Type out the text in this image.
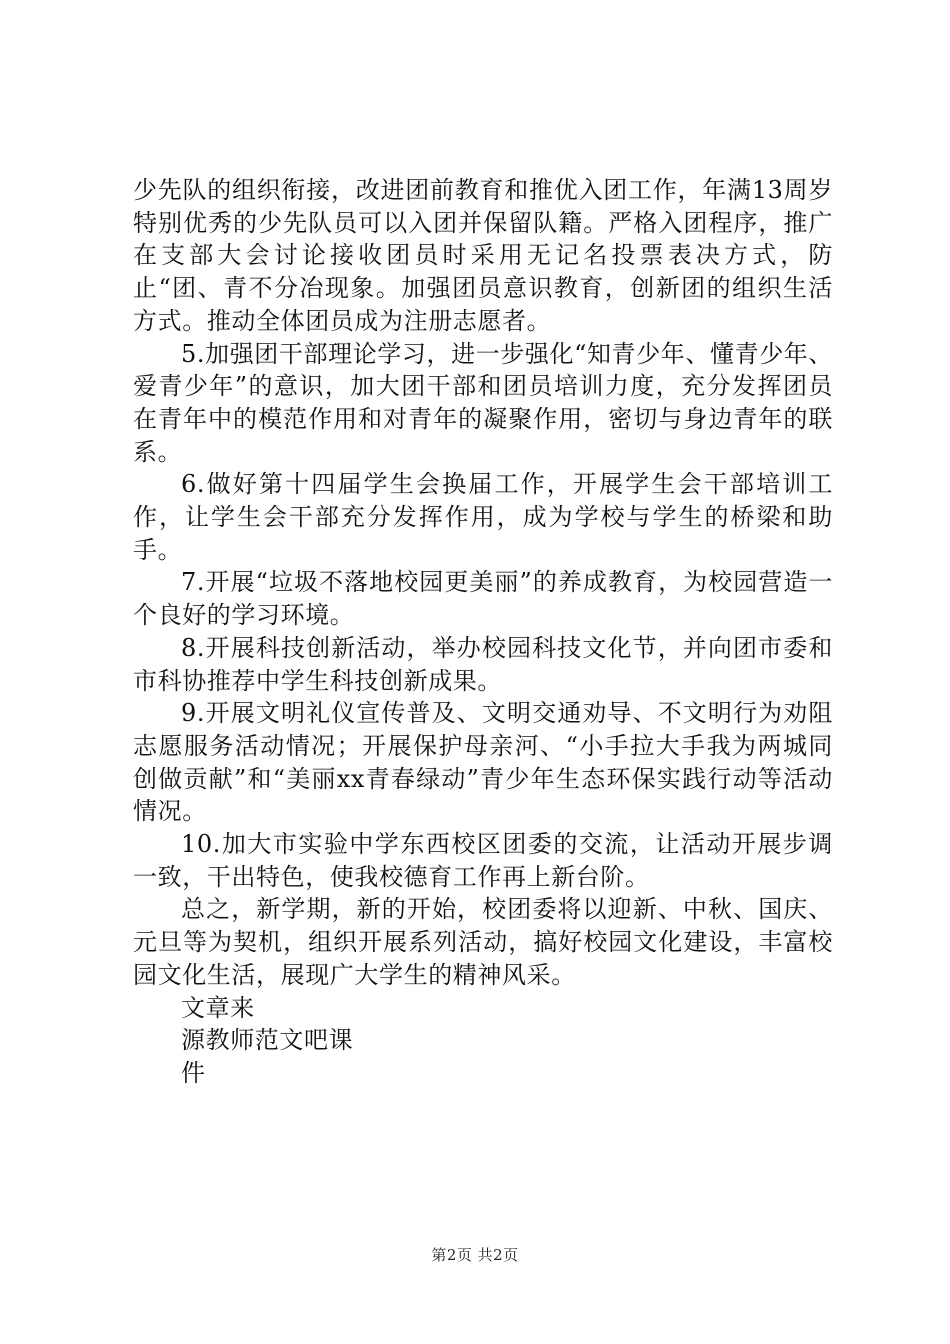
少先队的组织衔接，改进团前教育和推优入团工作，年满13周岁特别优秀的少先队员可以入团并保留队籍。严格入团程序，推广在支部大会讨论接收团员时采用无记名投票表决方式，防止“团、青不分冶现象。加强团员意识教育，创新团的组织生活方式。推动全体团员成为注册志愿者。

5.加强团干部理论学习，进一步强化“知青少年、懂青少年、爱青少年”的意识，加大团干部和团员培训力度，充分发挥团员在青年中的模范作用和对青年的凝聚作用，密切与身边青年的联系。

6.做好第十四届学生会换届工作，开展学生会干部培训工作，让学生会干部充分发挥作用，成为学校与学生的桥梁和助手。

7.开展“垃圾不落地校园更美丽”的养成教育，为校园营造一个良好的学习环境。

8.开展科技创新活动，举办校园科技文化节，并向团市委和市科协推荐中学生科技创新成果。

9.开展文明礼仪宣传普及、文明交通劝导、不文明行为劝阻志愿服务活动情况；开展保护母亲河、“小手拉大手我为两城同创做贡献”和“美丽xx青春绿动”青少年生态环保实践行动等活动情况。

10.加大市实验中学东西校区团委的交流，让活动开展步调一致，干出特色，使我校德育工作再上新台阶。

总之，新学期，新的开始，校团委将以迎新、中秋、国庆、元旦等为契机，组织开展系列活动，搞好校园文化建设，丰富校园文化生活，展现广大学生的精神风采。

文章来

源教师范文吧课

件

第2页 共2页
